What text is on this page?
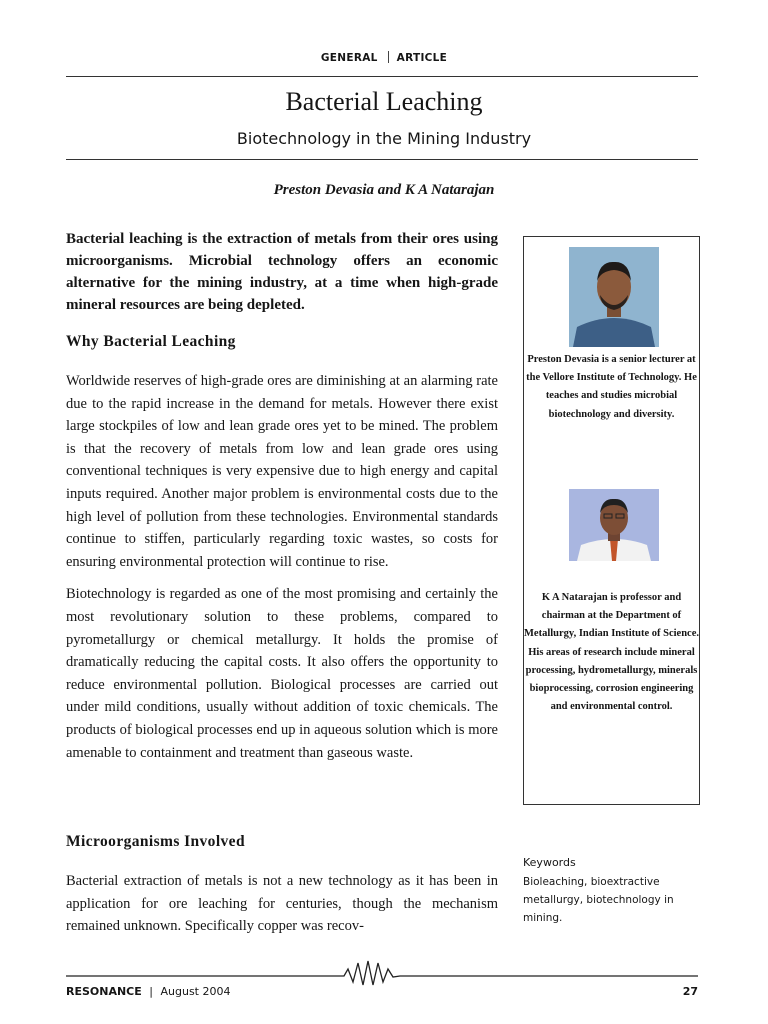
GENERAL ARTICLE
Bacterial Leaching
Biotechnology in the Mining Industry
Preston Devasia and K A Natarajan
Bacterial leaching is the extraction of metals from their ores using microorganisms. Microbial technology offers an economic alternative for the mining industry, at a time when high-grade mineral resources are being depleted.
Why Bacterial Leaching

Worldwide reserves of high-grade ores are diminishing at an alarming rate due to the rapid increase in the demand for metals. However there exist large stockpiles of low and lean grade ores yet to be mined. The problem is that the recovery of metals from low and lean grade ores using conventional techniques is very expensive due to high energy and capital inputs required. Another major problem is environmental costs due to the high level of pollution from these technologies. Environmental standards continue to stiffen, particularly regarding toxic wastes, so costs for ensuring environmental protection will continue to rise.

Biotechnology is regarded as one of the most promising and certainly the most revolutionary solution to these problems, compared to pyrometallurgy or chemical metallurgy. It holds the promise of dramatically reducing the capital costs. It also offers the opportunity to reduce environmental pollution. Biological processes are carried out under mild conditions, usually without addition of toxic chemicals. The products of biological processes end up in aqueous solution which is more amenable to containment and treatment than gaseous waste.

Microorganisms Involved

Bacterial extraction of metals is not a new technology as it has been in application for ore leaching for centuries, though the mechanism remained unknown. Specifically copper was recov-

Preston Devasia is a senior lecturer at the Vellore Institute of Technology. He teaches and studies microbial biotechnology and diversity.
K A Natarajan is professor and chairman at the Department of Metallurgy, Indian Institute of Science. His areas of research include mineral processing, hydrometallurgy, minerals bioprocessing, corrosion engineering and environmental control.
Keywords
Bioleaching, bioextractive metallurgy, biotechnology in mining.
RESONANCE | August 2004	27
